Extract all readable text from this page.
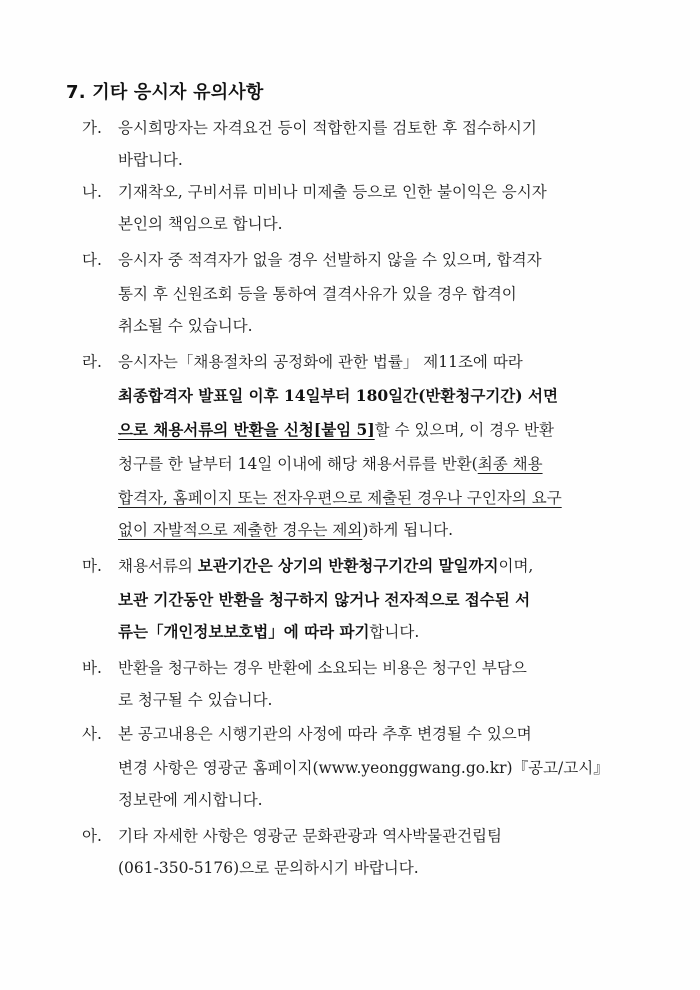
7. 기타 응시자 유의사항
가. 응시희망자는 자격요건 등이 적합한지를 검토한 후 접수하시기
바랍니다.
나. 기재착오, 구비서류 미비나 미제출 등으로 인한 불이익은 응시자
본인의 책임으로 합니다.
다. 응시자 중 적격자가 없을 경우 선발하지 않을 수 있으며, 합격자
통지 후 신원조회 등을 통하여 결격사유가 있을 경우 합격이
취소될 수 있습니다.
라. 응시자는「채용절차의 공정화에 관한 법률」 제11조에 따라
최종합격자 발표일 이후 14일부터 180일간(반환청구기간) 서면
으로 채용서류의 반환을 신청[붙임 5]할 수 있으며, 이 경우 반환
청구를 한 날부터 14일 이내에 해당 채용서류를 반환(최종 채용
합격자, 홈페이지 또는 전자우편으로 제출된 경우나 구인자의 요구
없이 자발적으로 제출한 경우는 제외)하게 됩니다.
마. 채용서류의 보관기간은 상기의 반환청구기간의 말일까지이며,
보관 기간동안 반환을 청구하지 않거나 전자적으로 접수된 서
류는「개인정보보호법」에 따라 파기합니다.
바. 반환을 청구하는 경우 반환에 소요되는 비용은 청구인 부담으
로 청구될 수 있습니다.
사. 본 공고내용은 시행기관의 사정에 따라 추후 변경될 수 있으며
변경 사항은 영광군 홈페이지(www.yeonggwang.go.kr)『공고/고시』
정보란에 게시합니다.
아. 기타 자세한 사항은 영광군 문화관광과 역사박물관건립팀
(061-350-5176)으로 문의하시기 바랍니다.
